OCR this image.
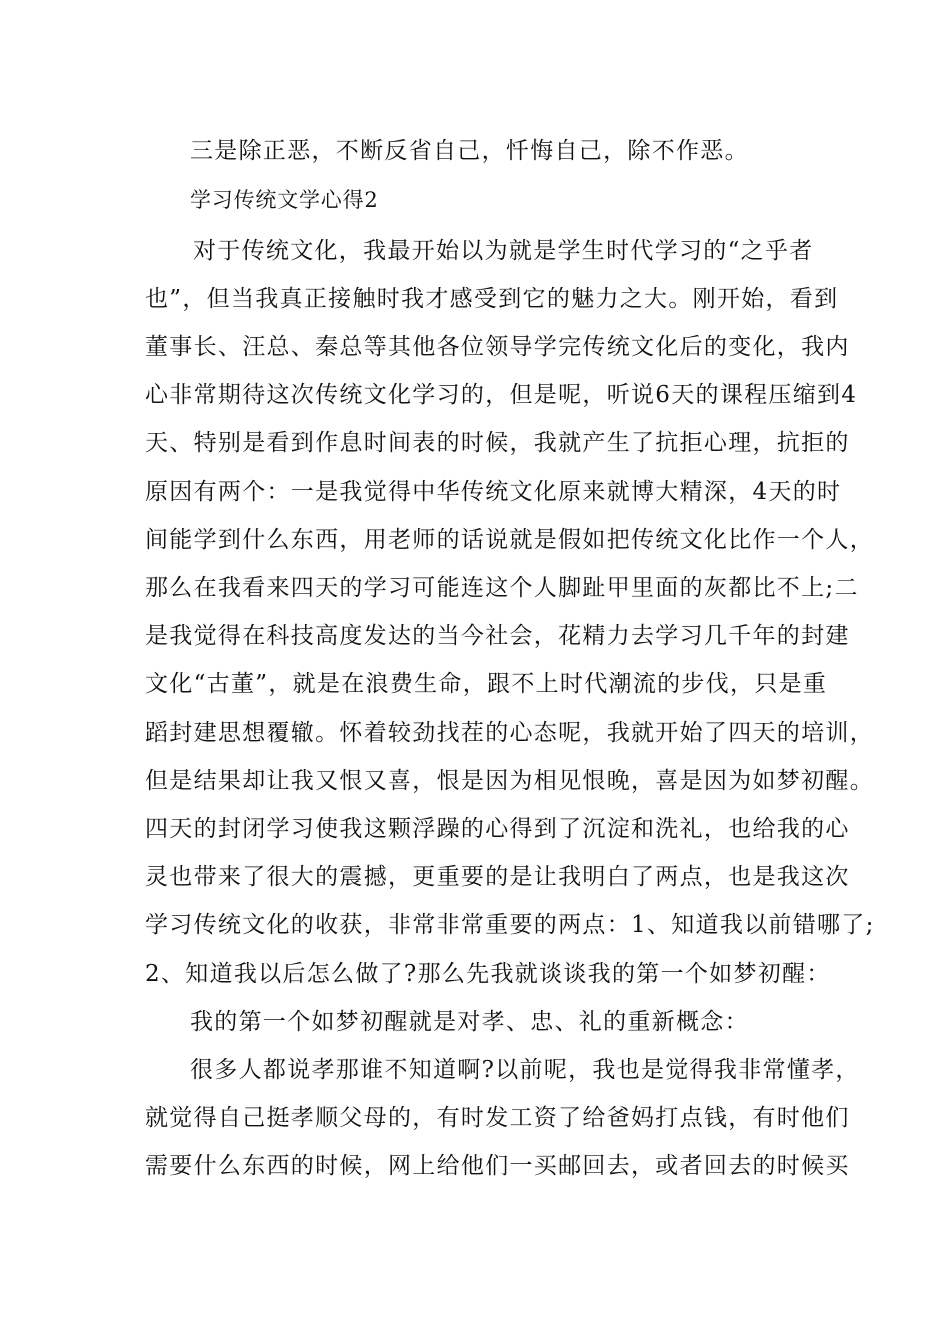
三是除正恶，不断反省自己，忏悔自己，除不作恶。
学习传统文学心得2
对于传统文化，我最开始以为就是学生时代学习的“之乎者
也”，但当我真正接触时我才感受到它的魅力之大。刚开始，看到
董事长、汪总、秦总等其他各位领导学完传统文化后的变化，我内
心非常期待这次传统文化学习的，但是呢，听说6天的课程压缩到4
天、特别是看到作息时间表的时候，我就产生了抗拒心理，抗拒的
原因有两个：一是我觉得中华传统文化原来就博大精深，4天的时
间能学到什么东西，用老师的话说就是假如把传统文化比作一个人，
那么在我看来四天的学习可能连这个人脚趾甲里面的灰都比不上;二
是我觉得在科技高度发达的当今社会，花精力去学习几千年的封建
文化“古董”，就是在浪费生命，跟不上时代潮流的步伐，只是重
蹈封建思想覆辙。怀着较劲找茬的心态呢，我就开始了四天的培训，
但是结果却让我又恨又喜，恨是因为相见恨晚，喜是因为如梦初醒。
四天的封闭学习使我这颗浮躁的心得到了沉淀和洗礼，也给我的心
灵也带来了很大的震撼，更重要的是让我明白了两点，也是我这次
学习传统文化的收获，非常非常重要的两点：1、知道我以前错哪了;
2、知道我以后怎么做了?那么先我就谈谈我的第一个如梦初醒：
我的第一个如梦初醒就是对孝、忠、礼的重新概念：
很多人都说孝那谁不知道啊?以前呢，我也是觉得我非常懂孝，
就觉得自己挺孝顺父母的，有时发工资了给爸妈打点钱，有时他们
需要什么东西的时候，网上给他们一买邮回去，或者回去的时候买
